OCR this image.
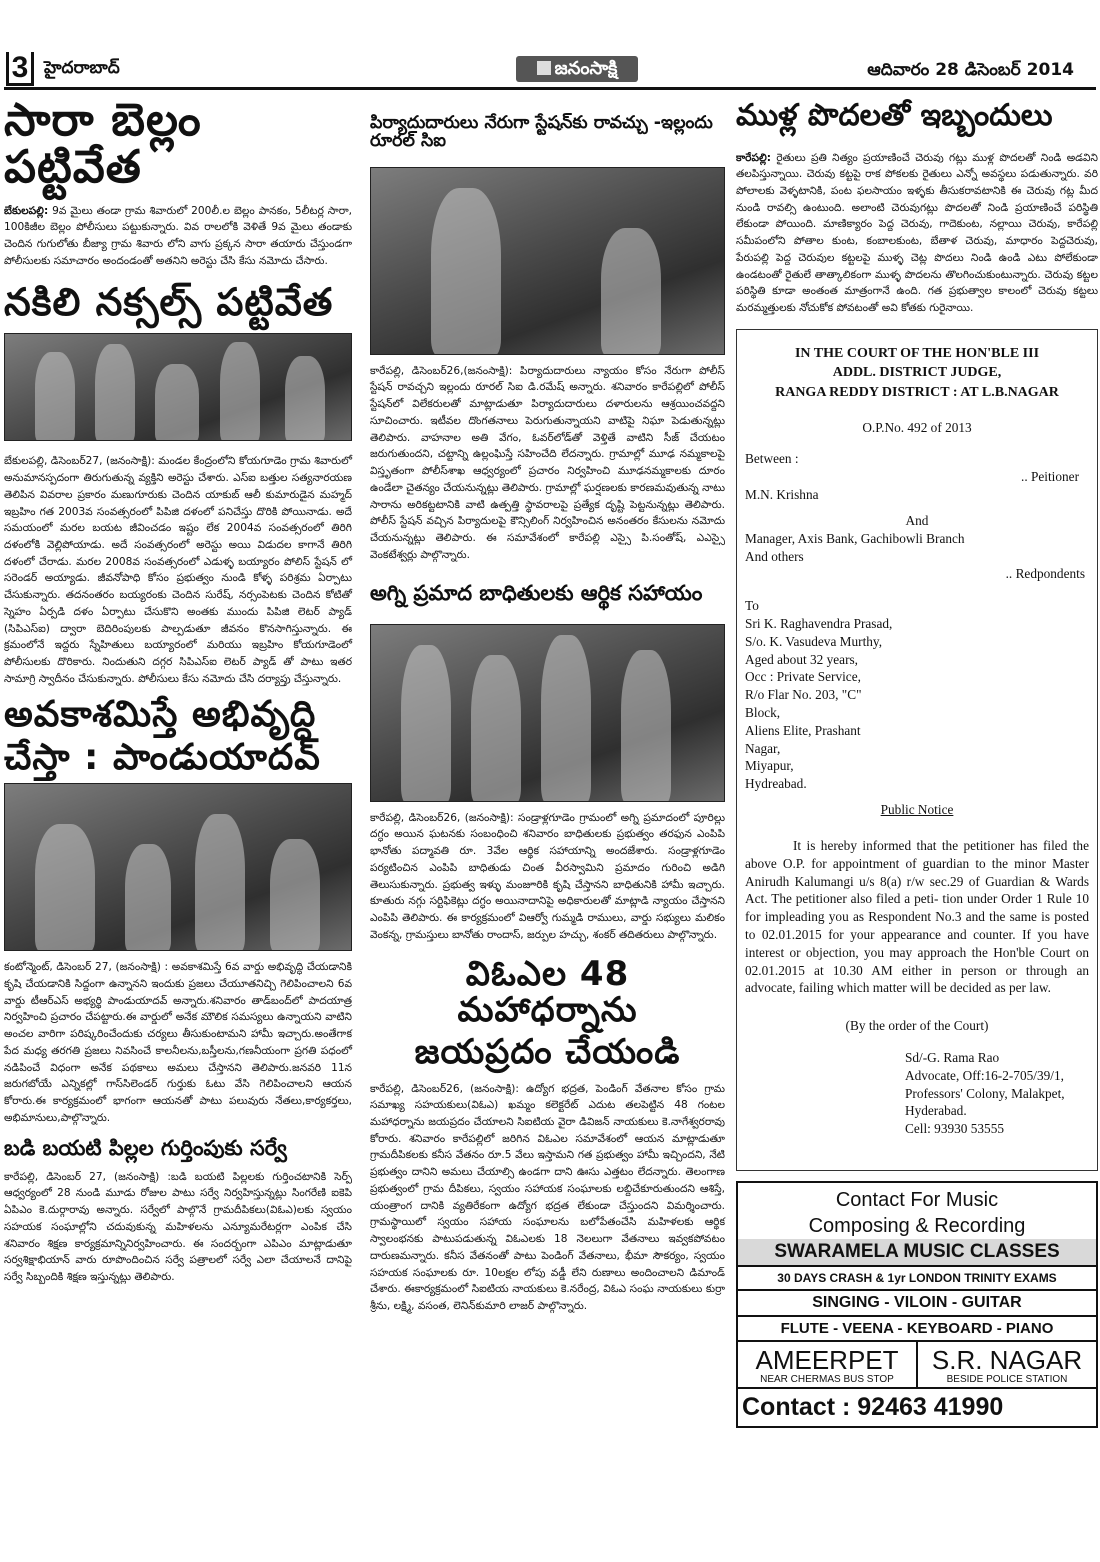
3 హైదరాబాద్	జనంసాక్షి	ఆదివారం 28 డిసెంబర్ 2014
సారా బెల్లం పట్టివేత

బేకులపల్లి: 9వ మైలు తండా గ్రామ శివారులో 200లీ.ల బెల్లం పానకం, 5లీటర్ల సారా, 100కిజీల బెల్లం పోలీసులు పట్టుకున్నారు. వివ రాలలోకి వెళితే 9వ మైలు తండాకు చెందిన గుగులోతు బీజ్యా గ్రామ శివారు లోని వాగు ప్రక్కన సారా తయారు చేస్తుండగా పోలీసులకు సమాచారం అందండంతో అతనిని అరెస్టు చేసి కేసు నమోదు చేసారు.

నకిలి నక్సల్స్ పట్టివేత

బేకులపల్లి, డిసెంబర్27, (జనంసాక్షి): మండల కేంద్రంలోని కోయగూడెం గ్రామ శివారులో అనుమానస్పదంగా తిరుగుతున్న వ్యక్తిని అరెస్టు చేశారు. ఎస్ఐ బత్తుల సత్యనారయణ తెలిపిన వివరాల ప్రకారం మణుగూరుకు చెందిన యాకుబ్ ఆలీ కుమారుడైన మహ్మద్ ఇబ్రహిం గత 2003వ సంవత్సరంలో పిపిజి దళంలో పనిచేస్తు దొరికి పోయినాడు. అదే సమయంలో మరల బయట జీవించడం ఇష్టం లేక 2004వ సంవత్సరంలో తిరిగి దళంలోకి వెల్లిపోయాడు. అదే సంవత్సరంలో అరెస్టు అయి విడుదల కాగానే తిరిగి దళంలో చేరాడు. మరల 2008వ సంవత్సరంలో ఎడుళ్ళ బయ్యారం పోలిస్ స్టేషన్ లో సరెండర్ అయ్యాడు. జీవనోపాధి కోసం ప్రభుత్వం నుండి కోళ్ళ పరిశ్రమ ఏర్పాటు చేసుకున్నారు. తదనంతరం బయ్యరంకు చెందిన సురేష్, నర్సంపెటకు చెందిన కోటితో స్నెహం ఏర్పడి దళం ఏర్పాటు చేసుకొని అంతకు ముందు పిపిజి లెటర్ ప్యాడ్ (సిపిఎస్ఐ) ద్వారా బెదిరింపులకు పాల్పడుతూ జీవనం కొనసాగిస్తున్నారు. ఈ క్రమంలోనే ఇద్దరు స్నేహితులు బయ్యారంలో మరియు ఇబ్రహిం కోయగూడెంలో పోలీసులకు దొరికారు. నిందుతుని దగ్గర సిపిఎస్ఐ లెటర్ ప్యాడ్ తో పాటు ఇతర సామాగ్రి స్వాదీనం చేసుకున్నారు. పోలీసులు కేసు నమోదు చేసి దర్యాప్తు చేస్తున్నారు.

అవకాశమిస్తే అభివృద్ధి
చేస్తా : పాండుయాదవ్

కంటోన్మెంట్, డిసెంబర్ 27, (జనంసాక్షి) : అవకాశమిస్తే 6వ వార్డు అభివృద్ధి చేయడానికి కృషి చేయడానికి సిద్దంగా ఉన్నానని ఇందుకు ప్రజలు చేయూతనిచ్చి గెలిపించాలని 6వ వార్డు టీఆర్ఎస్ అభ్యర్థి పాండుయాదవ్ అన్నారు.శనివారం తాడ్‌బంద్‌లో పాదయాత్ర నిర్వహించి ప్రచారం చేపట్టారు.ఈ వార్డులో అనేక మౌలిక సమస్యలు ఉన్నాయని వాటిని అంచల వారిగా పరిష్కరించేందుకు చర్యలు తీసుకుంటామని హామీ ఇచ్చారు.అంతేగాక పేద మధ్య తరగతి ప్రజలు నివసించే కాలనీలను,బస్తీలను,గణనీయంగా ప్రగతి పధంలో నడిపించే విధంగా అనేక పథకాలు అమలు చేస్తానని తెలిపారు.జనవరి 11న జరుగబోయే ఎన్నికల్లో గాస్‌సిలెండర్ గుర్తుకు ఓటు వేసి గెలిపించాలని ఆయన కోరారు.ఈ కార్యక్రమంలో భాగంగా ఆయనతో పాటు పలువురు నేతలు,కార్యకర్తలు, అభిమానులు,పాల్గొన్నారు.

బడి బయటి పిల్లల గుర్తింపుకు సర్వే

కారేపల్లి, డిసెంబర్ 27, (జనంసాక్షి) :బడి బయటి పిల్లలకు గుర్తించటానికి సెర్ప్ ఆధ్వర్యంలో 28 నుండి మూడు రోజుల పాటు సర్వే నిర్వహిస్తున్నట్లు సింగరేణి ఐకెపి ఏపిఎం కె.దుర్గారావు అన్నారు. సర్వేలో పాల్గొనే గ్రామదీపికలు(విఓఎ)లకు స్వయం సహయక సంఘాల్లోని చదువుకున్న మహిళలను ఎన్యూమరేటర్లగా ఎంపిక చేసి శనివారం శిక్షణ కార్యక్రమాన్నినిర్వహించారు. ఈ సందర్బంగా ఎపిఎం మాట్లాడుతూ సర్వశిక్షాభియాన్ వారు రూపొందించిన సర్వే పత్రాలలో సర్వే ఎలా చేయాలనే దానిపై సర్వే సిబ్బందికి శిక్షణ ఇస్తున్నట్లు తెలిపారు.

పిర్యాదుదారులు నేరుగా స్టేషన్‌కు రావచ్చు -ఇల్లందు రూరల్ సిఐ

కారేపల్లి, డిసెంబర్26,(జనంసాక్షి): పిర్యాదుదారులు న్యాయం కోసం నేరుగా పోలీస్ స్టేషన్ రావచ్చని ఇల్లందు రూరల్ సిఐ డి.రమేష్ అన్నారు. శనివారం కారేపల్లిలో పోలీస్ స్టేషన్‌లో విలేకరులతో మాట్లాడుతూ పిర్యాదుదారులు దళారులను ఆశ్రయించవద్దని సూచించారు. ఇటీవల దొంగతనాలు పెరుగుతున్నాయని వాటిపై నిఘా పెడుతున్నట్లు తెలిపారు. వాహనాల అతి వేగం, ఓవర్‌లోడ్‌తో వెళ్తితే వాటిని సీజ్ చేయటం జరుగుతుందని, చట్టాన్ని ఉల్లంఘిస్తే సహించేది లేదన్నారు. గ్రామాల్లో మూఢ నమ్మకాలపై విస్తృతంగా పోలీస్‌శాఖ ఆధ్వర్యంలో ప్రచారం నిర్వహించి మూఢనమ్మకాలకు దూరం ఉండేలా చైతన్యం చేయనున్నట్లు తెలిపారు. గ్రామాల్లో ఘర్షణలకు కారణమవుతున్న నాటు సారాను అరికట్టటానికి వాటి ఉత్పత్తి స్థావరాలపై ప్రత్యేక దృష్టి పెట్టనున్నట్లు తెలిపారు. పోలీస్ స్టేషన్ వచ్చిన పిర్యాదులపై కౌన్సిలింగ్ నిర్వహించిన అనంతరం కేసులను నమోదు చేయనున్నట్లు తెలిపారు. ఈ సమావేశంలో కారేపల్లి ఎస్సై పి.సంతోష్, ఎఎస్సై వెంకటేశ్వర్లు పాల్గొన్నారు.

అగ్ని ప్రమాద బాధితులకు ఆర్థిక సహాయం

కారేపల్లి, డిసెంబర్26, (జనంసాక్షి): సండ్రాళ్లగూడెం గ్రామంలో అగ్ని ప్రమాదంలో పూరిల్లు దగ్ధం అయిన ఘటనకు సంబంధించి శనివారం బాధితులకు ప్రభుత్వం తరఫున ఎంపిపి భానోతు పద్మావతి రూ. 3వేల ఆర్థిక సహాయాన్ని అందజేశారు. సండ్రాళ్లగూడెం పర్యటించిన ఎంపిపి బాధితుడు చింత వీరస్వామిని ప్రమాదం గురించి అడిగి తెలుసుకున్నారు. ప్రభుత్వ ఇళ్ళు మంజూరికి కృషి చేస్తానని బాధితునికి హామీ ఇచ్చారు. కూతురు నగ్గు సర్టిఫికెట్లు దగ్ధం అయినాదానిపై అధికారులతో మాట్లాడి న్యాయం చేస్తానని ఎంపిపి తెలిపారు. ఈ కార్యక్రమంలో విఆర్వో గుమ్మడి రాములు, వార్డు సభ్యులు మలికం వెంకన్న, గ్రామస్తులు బానోతు రాందాస్, జర్పుల హచ్చు, శంకర్ తదితరులు పాల్గొన్నారు.

విఓఎల 48 మహాధర్నాను
జయప్రదం చేయండి

కారేపల్లి, డిసెంబర్26, (జనంసాక్షి): ఉద్యోగ భద్రత, పెండింగ్ వేతనాల కోసం గ్రామ సమాఖ్య సహయకులు(విఓఎ) ఖమ్మం కలెక్టరేట్ ఎదుట తలపెట్టిన 48 గంటల మహాధర్నాను జయప్రదం చేయాలని సిఐటియ వైరా డివిజన్ నాయకులు కె.నాగేశ్వరరావు కోరారు. శనివారం కారేపల్లిలో జరిగిన విఓఎల సమావేశంలో ఆయన మాట్లాడుతూ గ్రామదీపికలకు కనీస వేతనం రూ.5 వేలు ఇస్తామని గత ప్రభుత్వం హామీ ఇచ్చిందని, నేటి ప్రభుత్వం దానిని అమలు చేయాల్సి ఉండగా దాని ఊసు ఎత్తటం లేదన్నారు. తెలంగాణ ప్రభుత్వంలో గ్రామ దీపికలు, స్వయం సహాయక సంఘాలకు లబ్దిచేకూరుతుందని ఆశిస్తే, యంత్రాంగ దానికి వ్యతిరేకంగా ఉద్యోగ భద్రత లేకుండా చేస్తుందని విమర్శించారు. గ్రామస్థాయిలో స్వయం సహాయ సంఘాలను బలోపేతంచేసి మహిళలకు ఆర్థిక స్వాలంభనకు పాటుపడుతున్న విఓఎలకు 18 నెలలుగా వేతనాలు ఇవ్వకపోవటం దారుణమన్నారు. కనీస వేతనంతో పాటు పెండింగ్ వేతనాలు, భీమా సౌకర్యం, స్వయం సహయక సంఘాలకు రూ. 10లక్షల లోపు వడ్డీ లేని రుణాలు అందించాలని డిమాండ్ చేశారు. ఈకార్యక్రమంలో సిఐటియ నాయకులు కె.నరేంద్ర, విఓఎ సంఘ నాయకులు కుర్రా శ్రీను, లక్ష్మి, వసంత, లెనిన్‌కుమారి లాజర్ పాల్గొన్నారు.

ముళ్ల పొదలతో ఇబ్బందులు

కారేపల్లి: రైతులు ప్రతి నిత్యం ప్రయాణించే చెరువు గట్లు ముళ్ల పొదలతో నిండి అడవిని తలపిస్తున్నాయి. చెరువు కట్టపై రాక పోకలకు రైతులు ఎన్నో అవస్థలు పడుతున్నారు. వరి పోలాలకు వెళ్ళటానికి, పంట ఫలసాయం ఇళ్ళకు తీసుకరావటానికి ఈ చెరువు గట్ల మీద నుండి రావల్సి ఉంటుంది. అలాంటి చెరువుగట్లు పొదలతో నిండి ప్రయాణించే పరిస్థితి లేకుండా పోయింది. మాణిక్యారం పెద్ద చెరువు, గాదెకుంట, నల్లాయి చెరువు, కారేపల్లి సమీపంలోని పోతాల కుంట, కంబాలకుంట, బేతాళ చెరువు, మాధారం పెద్దచెరువు, పేరుపల్లి పెద్ద చెరువుల కట్టలపై ముళ్ళ చెట్ల పొదలు నిండి ఉండి ఎటు పోలేకుండా ఉండటంతో రైతులే తాత్కాలికంగా ముళ్ళ పొదలను తొలగించుకుంటున్నారు. చెరువు కట్టల పరిస్థితి కూడా అంతంత మాత్రంగానే ఉంది. గత ప్రభుత్వాల కాలంలో చెరువు కట్టలు మరమ్మత్తులకు నోచుకోక పోవటంతో అవి కోతకు గురైనాయి.

IN THE COURT OF THE HON'BLE III
ADDL. DISTRICT JUDGE,
RANGA REDDY DISTRICT : AT L.B.NAGAR
O.P.No. 492 of 2013
Between :
.. Peitioner
M.N. Krishna
And
Manager, Axis Bank, Gachibowli Branch
And others
.. Redpondents
To
Sri K. Raghavendra Prasad,
S/o. K. Vasudeva Murthy,
Aged about 32 years,
Occ : Private Service,
R/o Flar No. 203, "C"
Block,
Aliens Elite, Prashant
Nagar,
Miyapur,
Hydreabad.
Public Notice

It is hereby informed that the petitioner has filed the above O.P. for appointment of guardian to the minor Master Anirudh Kalumangi u/s 8(a) r/w sec.29 of Guardian & Wards Act. The petitioner also filed a peti- tion under Order 1 Rule 10 for impleading you as Respondent No.3 and the same is posted to 02.01.2015 for your appearance and counter. If you have interest or objection, you may approach the Hon'ble Court on 02.01.2015 at 10.30 AM either in person or through an advocate, failing which matter will be decided as per law.

(By the order of the Court)
Sd/-G. Rama Rao
Advocate, Off:16-2-705/39/1,
Professors' Colony, Malakpet,
Hyderabad.
Cell: 93930 53555
Contact For Music
Composing & Recording
SWARAMELA MUSIC CLASSES
30 DAYS CRASH & 1yr LONDON TRINITY EXAMS
SINGING - VILOIN - GUITAR
FLUTE - VEENA - KEYBOARD - PIANO
AMEERPET
NEAR CHERMAS BUS STOP
S.R. NAGAR
BESIDE POLICE STATION
Contact : 92463 41990
